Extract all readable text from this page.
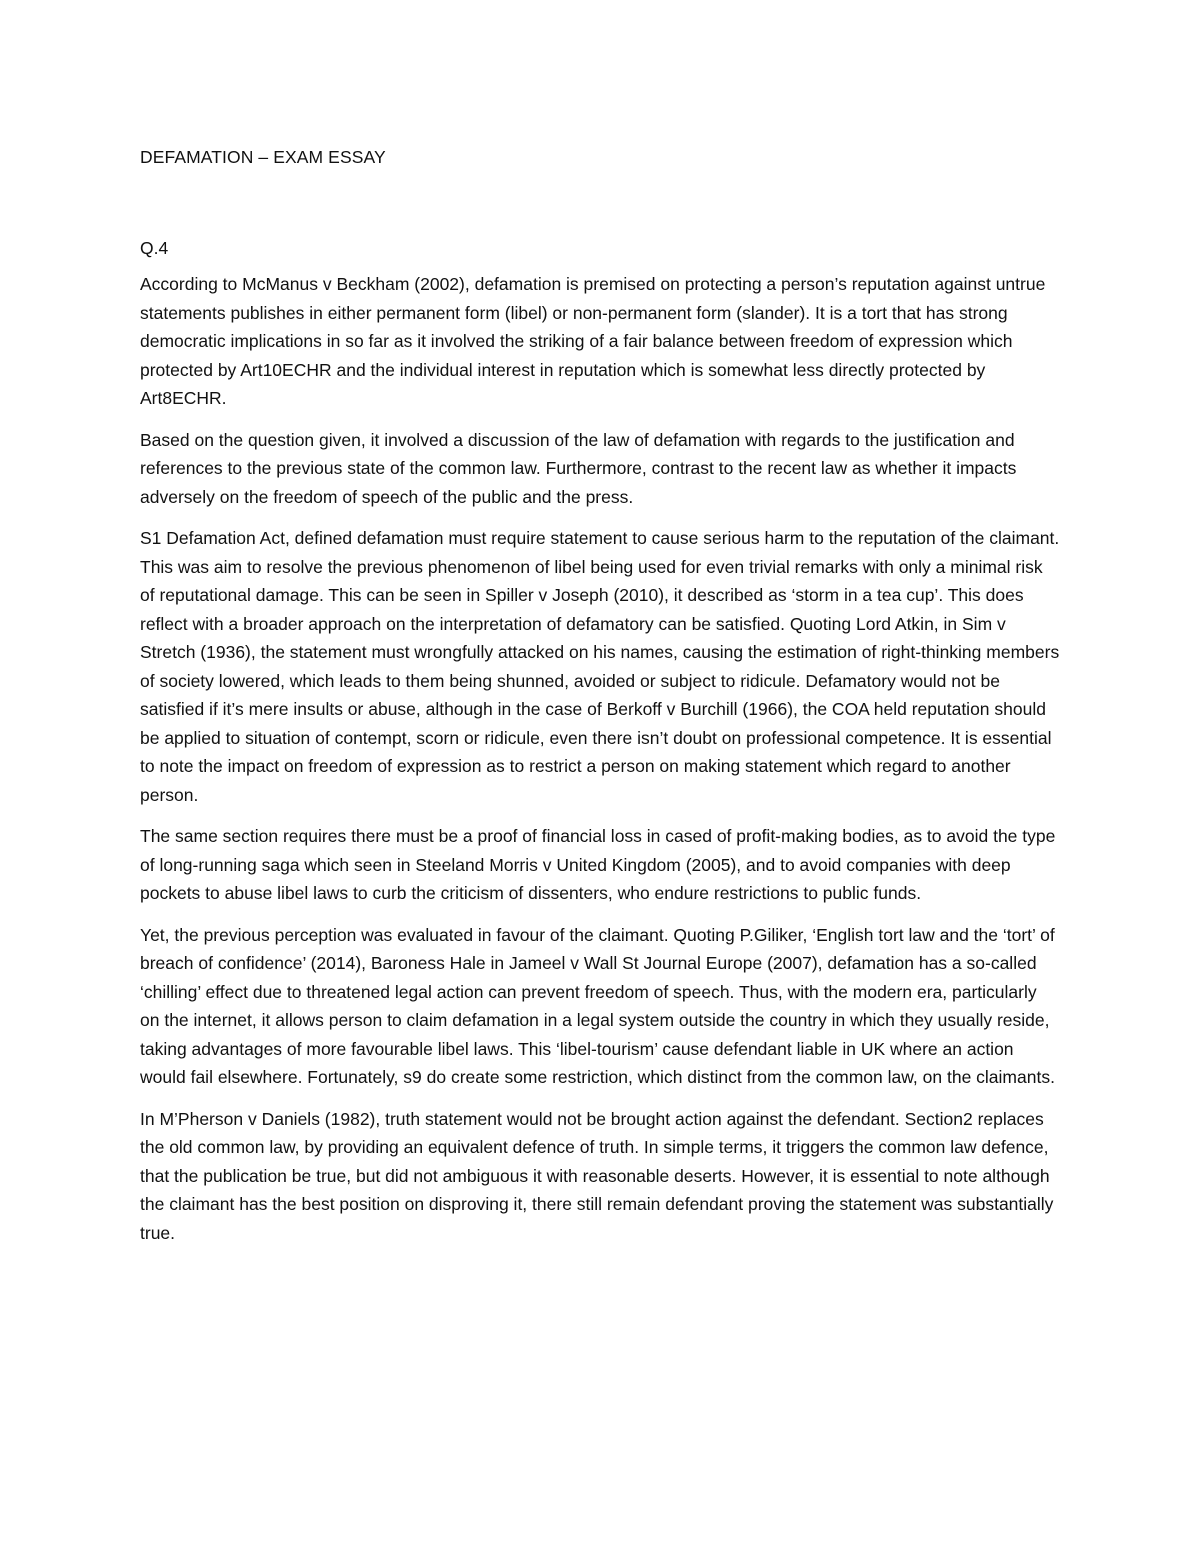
DEFAMATION – EXAM ESSAY

Q.4

According to McManus v Beckham (2002), defamation is premised on protecting a person’s reputation against untrue statements publishes in either permanent form (libel) or non-permanent form (slander). It is a tort that has strong democratic implications in so far as it involved the striking of a fair balance between freedom of expression which protected by Art10ECHR and the individual interest in reputation which is somewhat less directly protected by Art8ECHR.

Based on the question given, it involved a discussion of the law of defamation with regards to the justification and references to the previous state of the common law. Furthermore, contrast to the recent law as whether it impacts adversely on the freedom of speech of the public and the press.

S1 Defamation Act, defined defamation must require statement to cause serious harm to the reputation of the claimant. This was aim to resolve the previous phenomenon of libel being used for even trivial remarks with only a minimal risk of reputational damage. This can be seen in Spiller v Joseph (2010), it described as ‘storm in a tea cup’. This does reflect with a broader approach on the interpretation of defamatory can be satisfied. Quoting Lord Atkin, in Sim v Stretch (1936), the statement must wrongfully attacked on his names, causing the estimation of right-thinking members of society lowered, which leads to them being shunned, avoided or subject to ridicule. Defamatory would not be satisfied if it’s mere insults or abuse, although in the case of Berkoff v Burchill (1966), the COA held reputation should be applied to situation of contempt, scorn or ridicule, even there isn’t doubt on professional competence. It is essential to note the impact on freedom of expression as to restrict a person on making statement which regard to another person.

The same section requires there must be a proof of financial loss in cased of profit-making bodies, as to avoid the type of long-running saga which seen in Steeland Morris v United Kingdom (2005), and to avoid companies with deep pockets to abuse libel laws to curb the criticism of dissenters, who endure restrictions to public funds.

Yet, the previous perception was evaluated in favour of the claimant. Quoting P.Giliker, ‘English tort law and the ‘tort’ of breach of confidence’ (2014), Baroness Hale in Jameel v Wall St Journal Europe (2007), defamation has a so-called ‘chilling’ effect due to threatened legal action can prevent freedom of speech. Thus, with the modern era, particularly on the internet, it allows person to claim defamation in a legal system outside the country in which they usually reside, taking advantages of more favourable libel laws. This ‘libel-tourism’ cause defendant liable in UK where an action would fail elsewhere. Fortunately, s9 do create some restriction, which distinct from the common law, on the claimants.

In M’Pherson v Daniels (1982), truth statement would not be brought action against the defendant. Section2 replaces the old common law, by providing an equivalent defence of truth. In simple terms, it triggers the common law defence, that the publication be true, but did not ambiguous it with reasonable deserts. However, it is essential to note although the claimant has the best position on disproving it, there still remain defendant proving the statement was substantially true.
